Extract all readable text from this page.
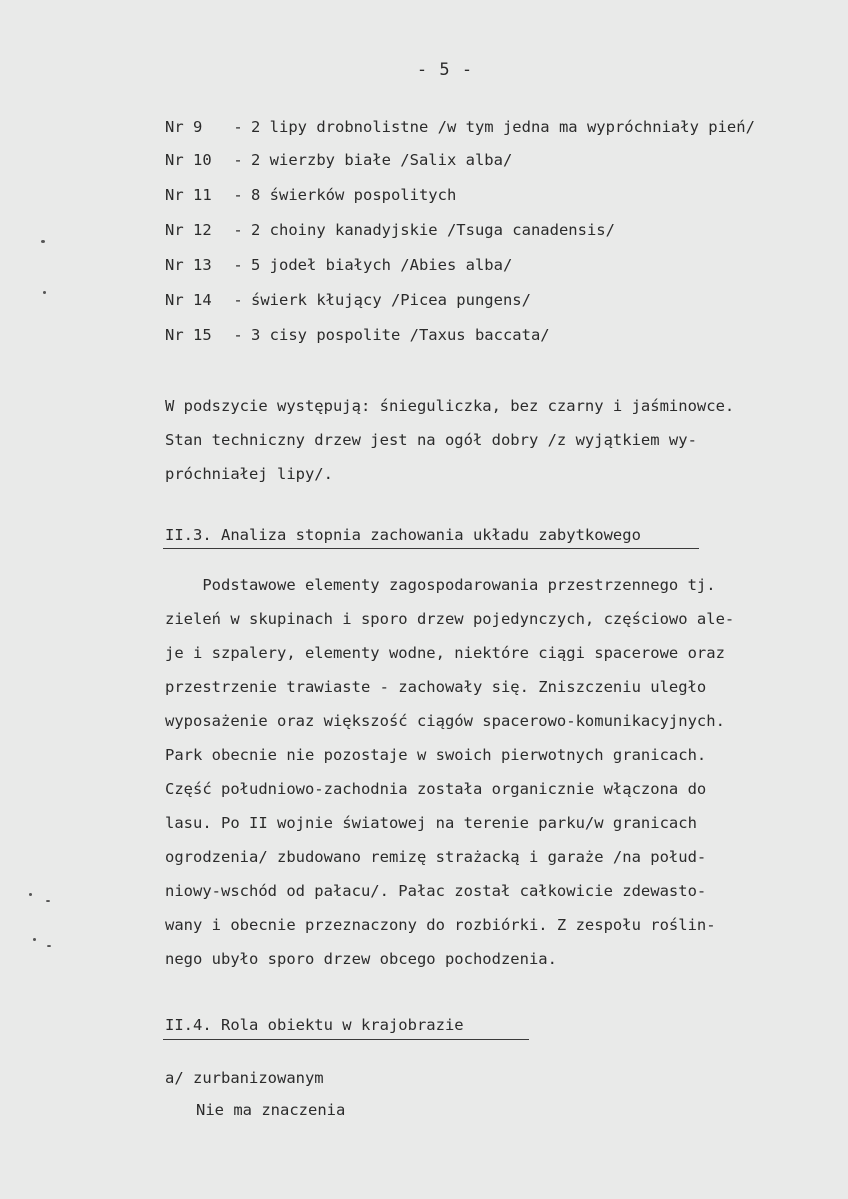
- 5 -
Nr 9	- 2 lipy drobnolistne /w tym jedna ma wypróchniały pień/
Nr 10	- 2 wierzby białe /Salix alba/
Nr 11	- 8 świerków pospolitych
Nr 12	- 2 choiny kanadyjskie /Tsuga canadensis/
Nr 13	- 5 jodeł białych /Abies alba/
Nr 14	- świerk kłujący /Picea pungens/
Nr 15	- 3 cisy pospolite /Taxus baccata/

W podszycie występują: śnieguliczka, bez czarny i jaśminowce.
Stan techniczny drzew jest na ogół dobry /z wyjątkiem wy-
próchniałej lipy/.

II.3. Analiza stopnia zachowania układu zabytkowego

Podstawowe elementy zagospodarowania przestrzennego tj.
zieleń w skupinach i sporo drzew pojedynczych, częściowo ale-
je i szpalery, elementy wodne, niektóre ciągi spacerowe oraz
przestrzenie trawiaste - zachowały się. Zniszczeniu uległo
wyposażenie oraz większość ciągów spacerowo-komunikacyjnych.
Park obecnie nie pozostaje w swoich pierwotnych granicach.
Część południowo-zachodnia została organicznie włączona do
lasu. Po II wojnie światowej na terenie parku/w granicach
ogrodzenia/ zbudowano remizę strażacką i garaże /na połud-
niowy-wschód od pałacu/. Pałac został całkowicie zdewasto-
wany i obecnie przeznaczony do rozbiórki. Z zespołu roślin-
nego ubyło sporo drzew obcego pochodzenia.

II.4. Rola obiektu w krajobrazie

a/ zurbanizowanym

Nie ma znaczenia
